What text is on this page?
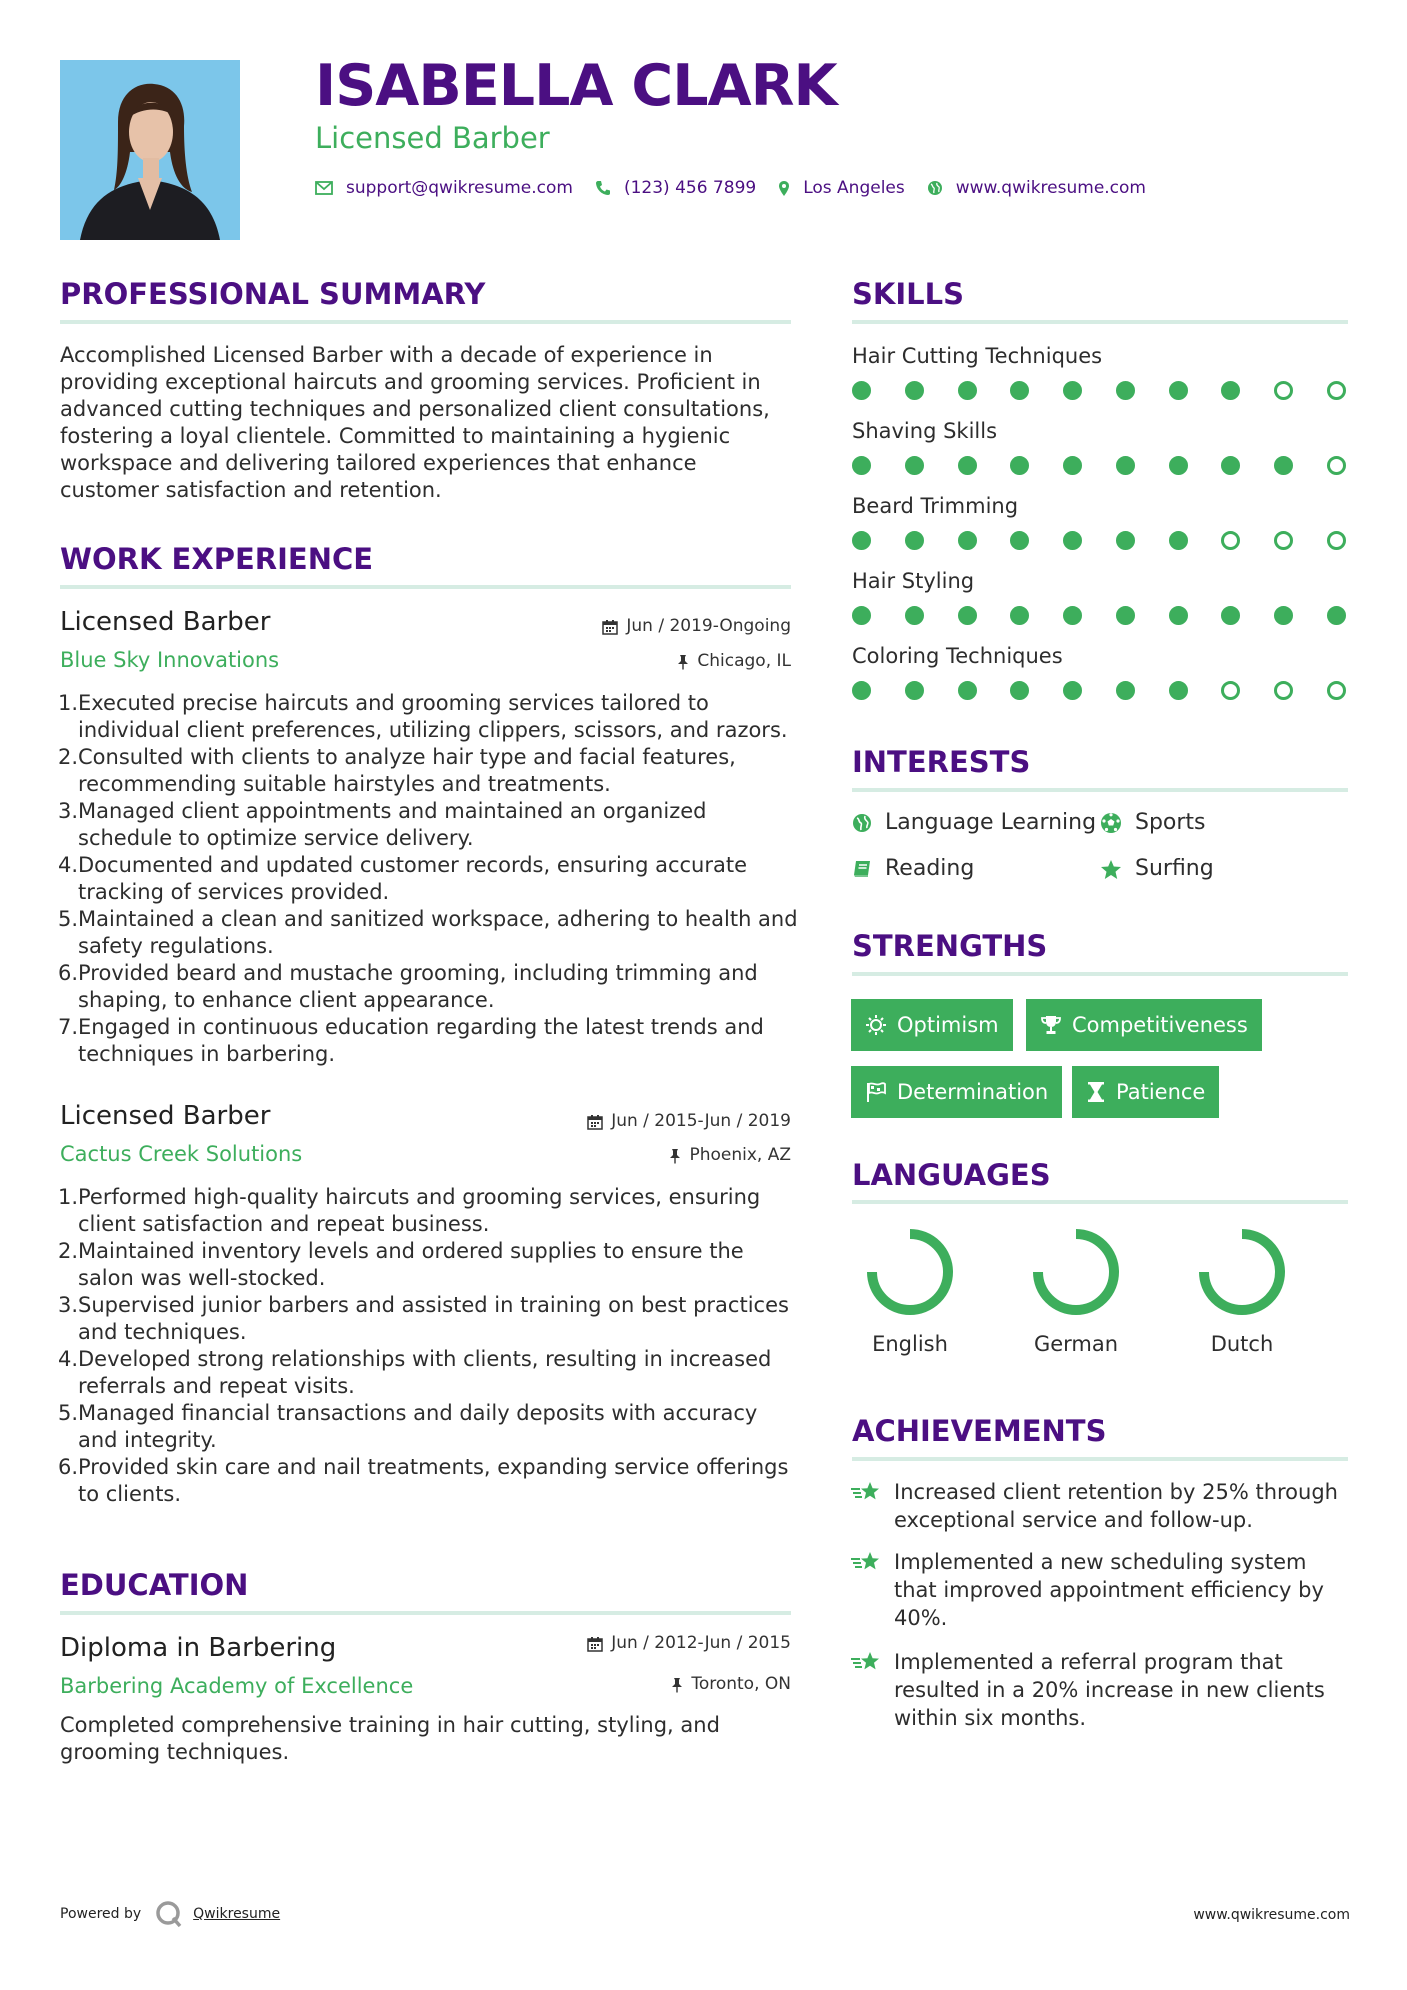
ISABELLA CLARK
Licensed Barber
support@qwikresume.com	(123) 456 7899	Los Angeles	www.qwikresume.com
PROFESSIONAL SUMMARY
Accomplished Licensed Barber with a decade of experience in providing exceptional haircuts and grooming services. Proficient in advanced cutting techniques and personalized client consultations, fostering a loyal clientele. Committed to maintaining a hygienic workspace and delivering tailored experiences that enhance customer satisfaction and retention.
WORK EXPERIENCE
Licensed Barber
Blue Sky Innovations
Jun / 2019-Ongoing
Chicago, IL
1. Executed precise haircuts and grooming services tailored to individual client preferences, utilizing clippers, scissors, and razors.
2. Consulted with clients to analyze hair type and facial features, recommending suitable hairstyles and treatments.
3. Managed client appointments and maintained an organized schedule to optimize service delivery.
4. Documented and updated customer records, ensuring accurate tracking of services provided.
5. Maintained a clean and sanitized workspace, adhering to health and safety regulations.
6. Provided beard and mustache grooming, including trimming and shaping, to enhance client appearance.
7. Engaged in continuous education regarding the latest trends and techniques in barbering.
Licensed Barber
Cactus Creek Solutions
Jun / 2015-Jun / 2019
Phoenix, AZ
1. Performed high-quality haircuts and grooming services, ensuring client satisfaction and repeat business.
2. Maintained inventory levels and ordered supplies to ensure the salon was well-stocked.
3. Supervised junior barbers and assisted in training on best practices and techniques.
4. Developed strong relationships with clients, resulting in increased referrals and repeat visits.
5. Managed financial transactions and daily deposits with accuracy and integrity.
6. Provided skin care and nail treatments, expanding service offerings to clients.
EDUCATION
Diploma in Barbering
Barbering Academy of Excellence
Jun / 2012-Jun / 2015
Toronto, ON
Completed comprehensive training in hair cutting, styling, and grooming techniques.
SKILLS
Hair Cutting Techniques
Shaving Skills
Beard Trimming
Hair Styling
Coloring Techniques
INTERESTS
Language Learning Sports
Reading	Surfing
STRENGTHS
Optimism	Competitiveness
Determination	Patience
LANGUAGES
English	German	Dutch
ACHIEVEMENTS
Increased client retention by 25% through exceptional service and follow-up.
Implemented a new scheduling system that improved appointment efficiency by 40%.
Implemented a referral program that resulted in a 20% increase in new clients within six months.
Powered by	Qwikresume	www.qwikresume.com
